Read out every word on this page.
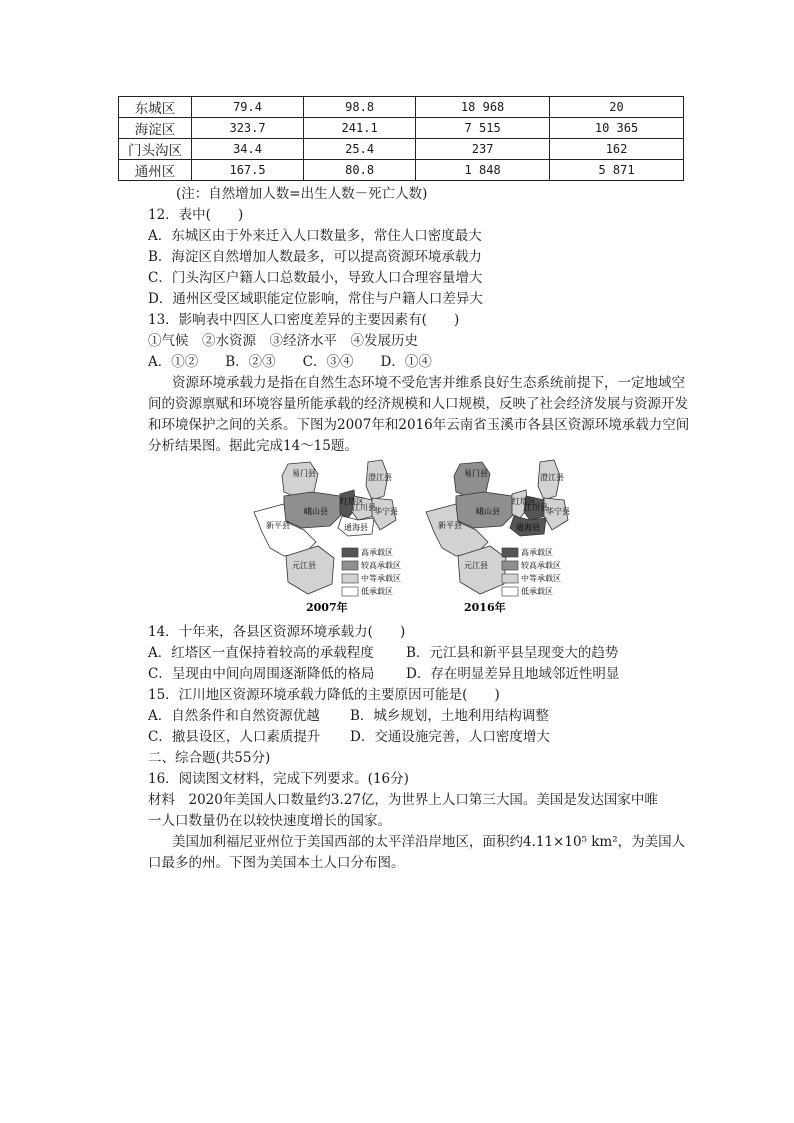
东城区	79.4	98.8	18 968	20
海淀区	323.7	241.1	7 515	10 365
门头沟区	34.4	25.4	237	162
通州区	167.5	80.8	1 848	5 871
(注：自然增加人数=出生人数－死亡人数)
12．表中(　　)
A．东城区由于外来迁入人口数量多，常住人口密度最大
B．海淀区自然增加人数最多，可以提高资源环境承载力
C．门头沟区户籍人口总数最小，导致人口合理容量增大
D．通州区受区域职能定位影响，常住与户籍人口差异大
13．影响表中四区人口密度差异的主要因素有(　　)
①气候　②水资源　③经济水平　④发展历史
A．①②　　B．②③　　C．③④　　D．①④
资源环境承载力是指在自然生态环境不受危害并维系良好生态系统前提下，一定地域空
间的资源禀赋和环境容量所能承载的经济规模和人口规模，反映了社会经济发展与资源开发
和环境保护之间的关系。下图为2007年和2016年云南省玉溪市各县区资源环境承载力空间
分析结果图。据此完成14～15题。
易门县	澄江县
峨山县
红塔区
江川县
华宁县
通海县
新平县
元江县
2007年
高承载区
较高承载区
中等承载区
低承载区
易门县	澄江县
峨山县
红塔区
江川县
华宁县
通海县
新平县
元江县
2016年
高承载区
较高承载区
中等承载区
低承载区
14．十年来，各县区资源环境承载力(　　)
A．红塔区一直保持着较高的承载程度 B．元江县和新平县呈现变大的趋势
C．呈现由中间向周围逐渐降低的格局 D．存在明显差异且地域邻近性明显
15．江川地区资源环境承载力降低的主要原因可能是(　　)
A．自然条件和自然资源优越 B．城乡规划，土地利用结构调整
C．撤县设区，人口素质提升 D．交通设施完善，人口密度增大
二、综合题(共55分)
16．阅读图文材料，完成下列要求。(16分)
材料　2020年美国人口数量约3.27亿，为世界上人口第三大国。美国是发达国家中唯
一人口数量仍在以较快速度增长的国家。
美国加利福尼亚州位于美国西部的太平洋沿岸地区，面积约4.11×10⁵ km²，为美国人
口最多的州。下图为美国本土人口分布图。
